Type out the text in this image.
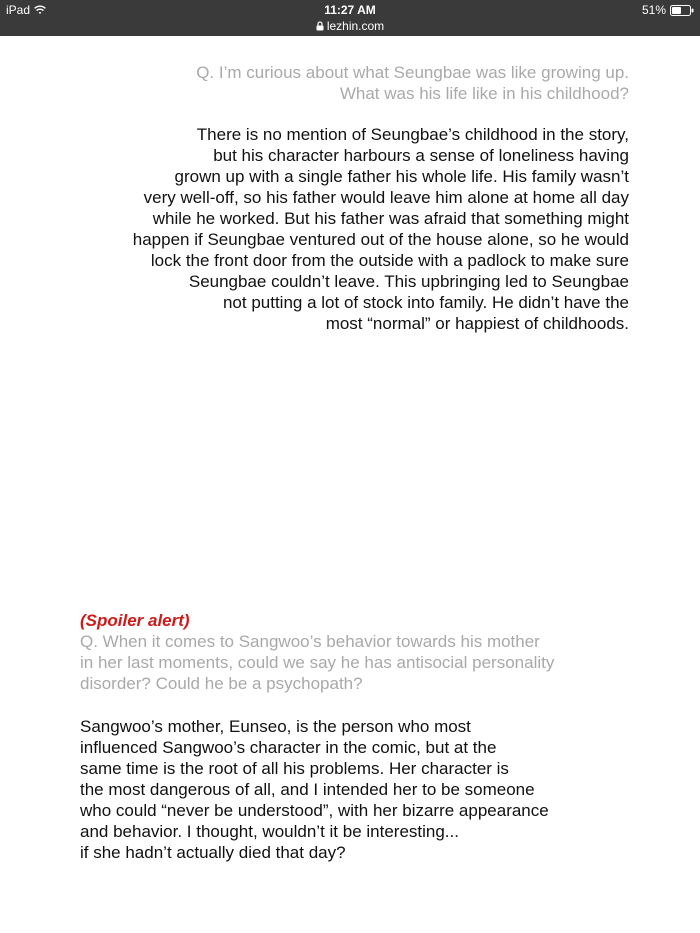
iPad	11:27 AM
lezhin.com
51%
Q. I’m curious about what Seungbae was like growing up.
What was his life like in his childhood?
There is no mention of Seungbae’s childhood in the story,
but his character harbours a sense of loneliness having
grown up with a single father his whole life. His family wasn’t
very well-off, so his father would leave him alone at home all day
while he worked. But his father was afraid that something might
happen if Seungbae ventured out of the house alone, so he would
lock the front door from the outside with a padlock to make sure
Seungbae couldn’t leave. This upbringing led to Seungbae
not putting a lot of stock into family. He didn’t have the
most “normal” or happiest of childhoods.
(Spoiler alert)
Q. When it comes to Sangwoo’s behavior towards his mother
in her last moments, could we say he has antisocial personality
disorder? Could he be a psychopath?
Sangwoo’s mother, Eunseo, is the person who most
influenced Sangwoo’s character in the comic, but at the
same time is the root of all his problems. Her character is
the most dangerous of all, and I intended her to be someone
who could “never be understood”, with her bizarre appearance
and behavior. I thought, wouldn’t it be interesting...
if she hadn’t actually died that day?
